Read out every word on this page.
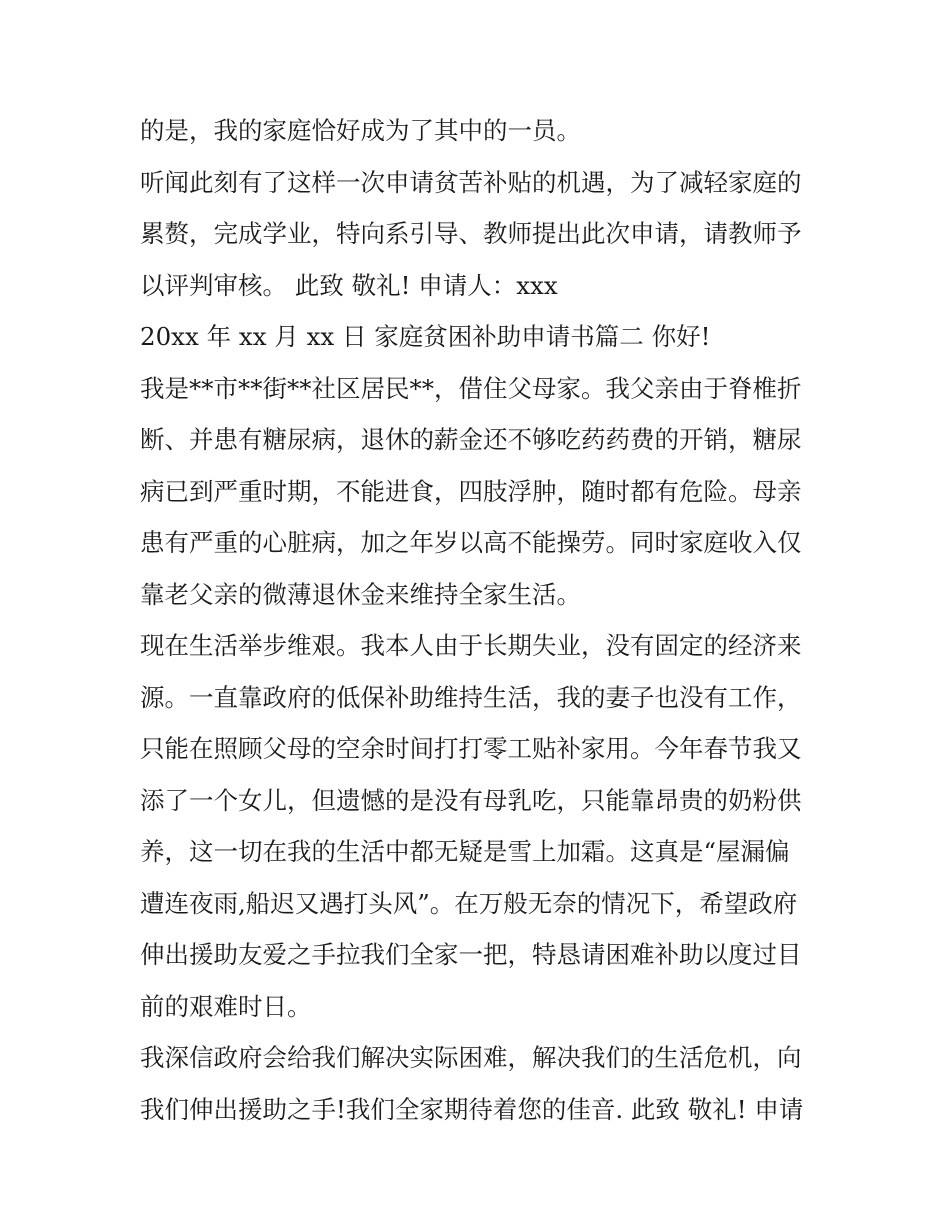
的是，我的家庭恰好成为了其中的一员。
听闻此刻有了这样一次申请贫苦补贴的机遇，为了减轻家庭的
累赘，完成学业，特向系引导、教师提出此次申请，请教师予
以评判审核。 此致 敬礼! 申请人：xxx
20xx 年 xx 月 xx 日 家庭贫困补助申请书篇二 你好!
我是**市**街**社区居民**，借住父母家。我父亲由于脊椎折
断、并患有糖尿病，退休的薪金还不够吃药药费的开销，糖尿
病已到严重时期，不能进食，四肢浮肿，随时都有危险。母亲
患有严重的心脏病，加之年岁以高不能操劳。同时家庭收入仅
靠老父亲的微薄退休金来维持全家生活。
现在生活举步维艰。我本人由于长期失业，没有固定的经济来
源。一直靠政府的低保补助维持生活，我的妻子也没有工作，
只能在照顾父母的空余时间打打零工贴补家用。今年春节我又
添了一个女儿，但遗憾的是没有母乳吃，只能靠昂贵的奶粉供
养，这一切在我的生活中都无疑是雪上加霜。这真是“屋漏偏
遭连夜雨,船迟又遇打头风”。在万般无奈的情况下，希望政府
伸出援助友爱之手拉我们全家一把，特恳请困难补助以度过目
前的艰难时日。
我深信政府会给我们解决实际困难，解决我们的生活危机，向
我们伸出援助之手!我们全家期待着您的佳音. 此致 敬礼! 申请
